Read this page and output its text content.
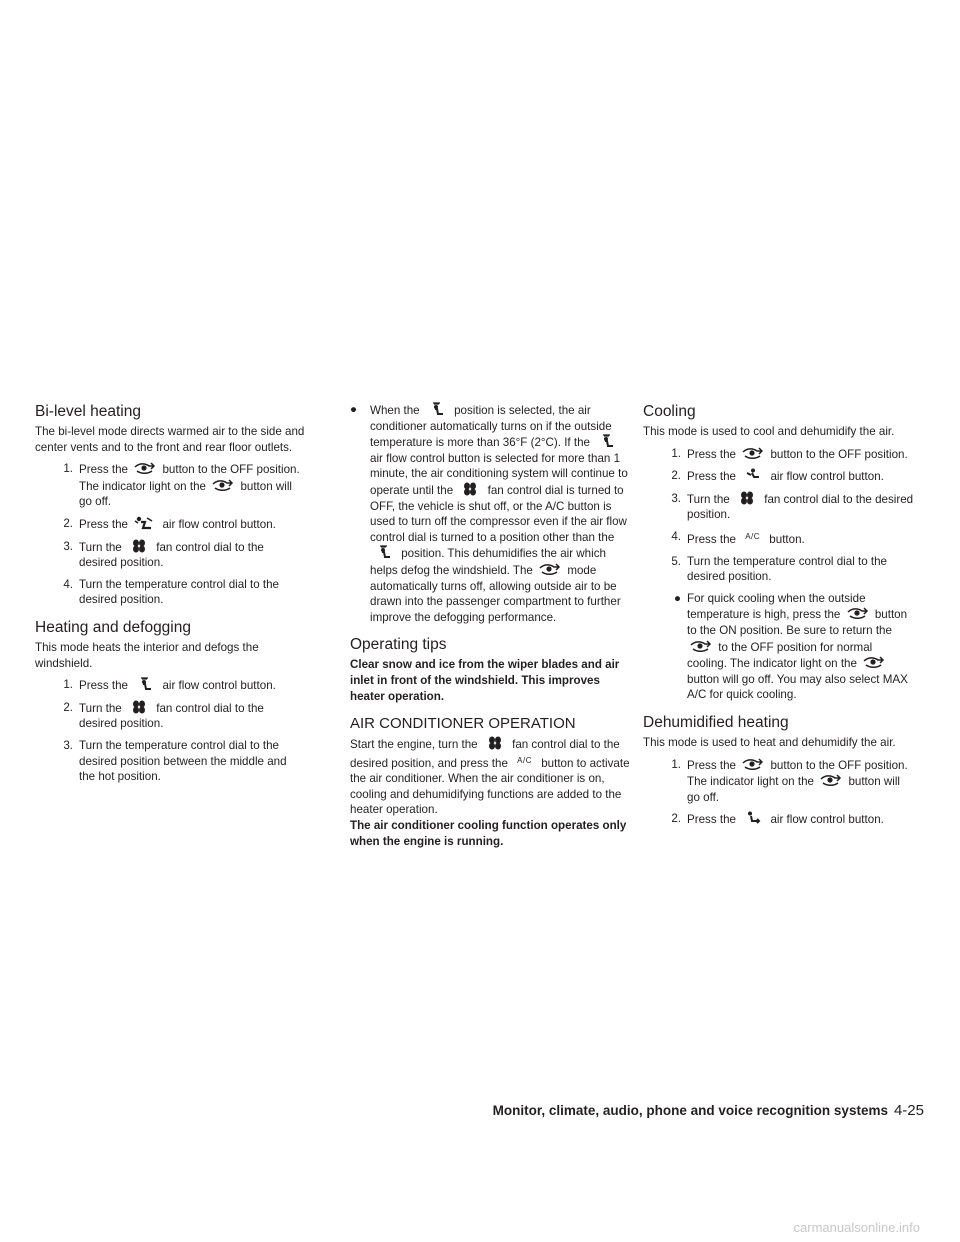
Bi-level heating

The bi-level mode directs warmed air to the side and center vents and to the front and rear floor outlets.

1. Press the	button to the OFF position. The indicator light on the	button will go off.
2. Press the	air flow control button.
3. Turn the	fan control dial to the desired position.
4. Turn the temperature control dial to the desired position.
Heating and defogging

This mode heats the interior and defogs the windshield.

1. Press the	air flow control button.
2. Turn the	fan control dial to the desired position.
3. Turn the temperature control dial to the desired position between the middle and the hot position.
●	When the	position is selected, the air conditioner automatically turns on if the outside temperature is more than 36°F (2°C). If the
air flow control button is selected for more than 1 minute, the air conditioning system will continue to operate until the	fan control dial is turned to OFF, the vehicle is shut off, or the A/C button is used to turn off the compressor even if the air flow control dial is turned to a position other than the
position. This dehumidifies the air which helps defog the windshield. The	mode automatically turns off, allowing outside air to be drawn into the passenger compartment to further improve the defogging performance.
Operating tips

Clear snow and ice from the wiper blades and air inlet in front of the windshield. This improves heater operation.

AIR CONDITIONER OPERATION

Start the engine, turn the	fan control dial to the desired position, and press the A/C button to activate the air conditioner. When the air conditioner is on, cooling and dehumidifying functions are added to the heater operation.

The air conditioner cooling function operates only when the engine is running.

Cooling

This mode is used to cool and dehumidify the air.

1. Press the	button to the OFF position.
2. Press the	air flow control button.
3. Turn the	fan control dial to the desired position.
4. Press the A/C button.
5. Turn the temperature control dial to the desired position.
● For quick cooling when the outside temperature is high, press the	button to the ON position. Be sure to return the
to the OFF position for normal cooling. The indicator light on the
button will go off. You may also select MAX A/C for quick cooling.
Dehumidified heating

This mode is used to heat and dehumidify the air.

1. Press the	button to the OFF position. The indicator light on the	button will go off.
2. Press the	air flow control button.
Monitor, climate, audio, phone and voice recognition systems 4-25
carmanualsonline.info
